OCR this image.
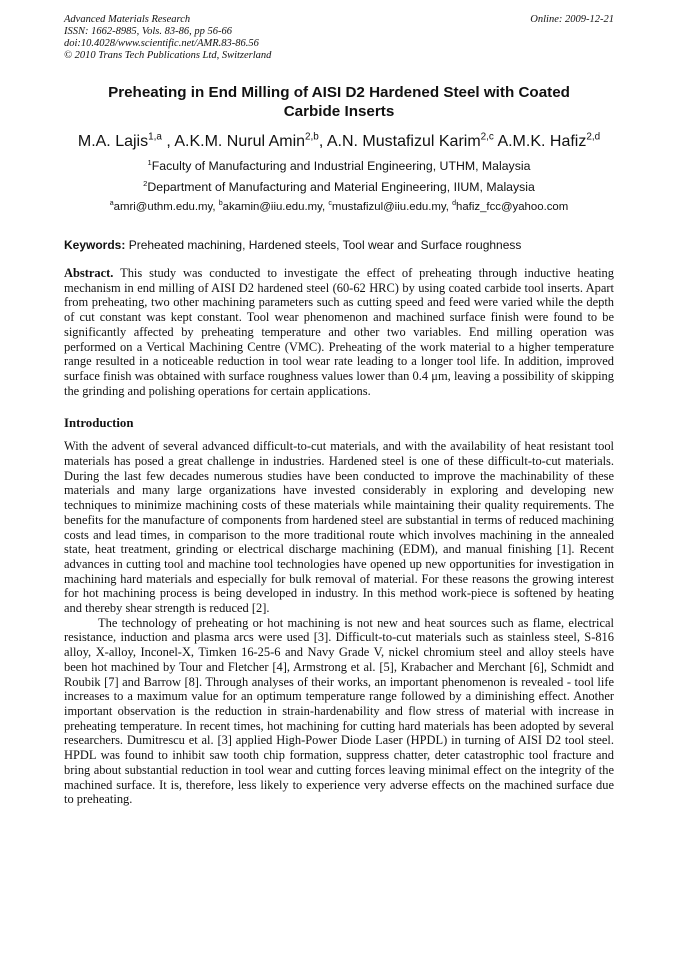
Advanced Materials Research
ISSN: 1662-8985, Vols. 83-86, pp 56-66
doi:10.4028/www.scientific.net/AMR.83-86.56
© 2010 Trans Tech Publications Ltd, Switzerland
Online: 2009-12-21
Preheating in End Milling of AISI D2 Hardened Steel with Coated Carbide Inserts
M.A. Lajis$^{1,a}$ , A.K.M. Nurul Amin$^{2,b}$, A.N. Mustafizul Karim$^{2,c}$ A.M.K. Hafiz$^{2,d}$
$^1$Faculty of Manufacturing and Industrial Engineering, UTHM, Malaysia
$^2$Department of Manufacturing and Material Engineering, IIUM, Malaysia
$^a$amri@uthm.edu.my, $^b$akamin@iiu.edu.my, $^c$mustafizul@iiu.edu.my, $^d$hafiz_fcc@yahoo.com
Keywords: Preheated machining, Hardened steels, Tool wear and Surface roughness
Abstract. This study was conducted to investigate the effect of preheating through inductive heating mechanism in end milling of AISI D2 hardened steel (60-62 HRC) by using coated carbide tool inserts. Apart from preheating, two other machining parameters such as cutting speed and feed were varied while the depth of cut constant was kept constant. Tool wear phenomenon and machined surface finish were found to be significantly affected by preheating temperature and other two variables. End milling operation was performed on a Vertical Machining Centre (VMC). Preheating of the work material to a higher temperature range resulted in a noticeable reduction in tool wear rate leading to a longer tool life. In addition, improved surface finish was obtained with surface roughness values lower than 0.4 μm, leaving a possibility of skipping the grinding and polishing operations for certain applications.
Introduction

With the advent of several advanced difficult-to-cut materials, and with the availability of heat resistant tool materials has posed a great challenge in industries. Hardened steel is one of these difficult-to-cut materials. During the last few decades numerous studies have been conducted to improve the machinability of these materials and many large organizations have invested considerably in exploring and developing new techniques to minimize machining costs of these materials while maintaining their quality requirements. The benefits for the manufacture of components from hardened steel are substantial in terms of reduced machining costs and lead times, in comparison to the more traditional route which involves machining in the annealed state, heat treatment, grinding or electrical discharge machining (EDM), and manual finishing [1]. Recent advances in cutting tool and machine tool technologies have opened up new opportunities for investigation in machining hard materials and especially for bulk removal of material. For these reasons the growing interest for hot machining process is being developed in industry. In this method work-piece is softened by heating and thereby shear strength is reduced [2].

The technology of preheating or hot machining is not new and heat sources such as flame, electrical resistance, induction and plasma arcs were used [3]. Difficult-to-cut materials such as stainless steel, S-816 alloy, X-alloy, Inconel-X, Timken 16-25-6 and Navy Grade V, nickel chromium steel and alloy steels have been hot machined by Tour and Fletcher [4], Armstrong et al. [5], Krabacher and Merchant [6], Schmidt and Roubik [7] and Barrow [8]. Through analyses of their works, an important phenomenon is revealed - tool life increases to a maximum value for an optimum temperature range followed by a diminishing effect. Another important observation is the reduction in strain-hardenability and flow stress of material with increase in preheating temperature. In recent times, hot machining for cutting hard materials has been adopted by several researchers. Dumitrescu et al. [3] applied High-Power Diode Laser (HPDL) in turning of AISI D2 tool steel. HPDL was found to inhibit saw tooth chip formation, suppress chatter, deter catastrophic tool fracture and bring about substantial reduction in tool wear and cutting forces leaving minimal effect on the integrity of the machined surface. It is, therefore, less likely to experience very adverse effects on the machined surface due to preheating.
